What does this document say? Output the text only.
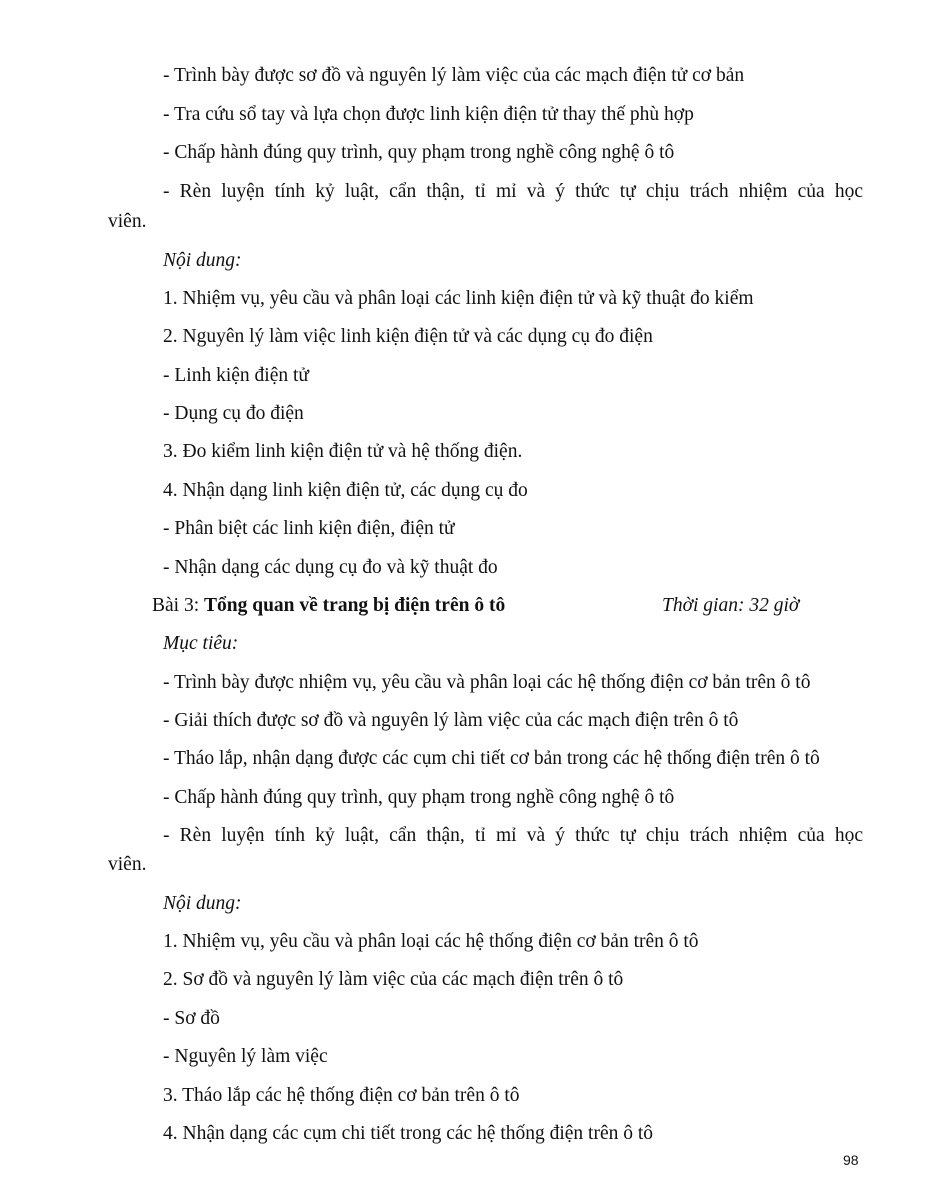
- Trình bày được sơ đồ và nguyên lý làm việc của các mạch điện tử cơ bản
- Tra cứu sổ tay và lựa chọn được linh kiện điện tử thay thế phù hợp
- Chấp hành đúng quy trình, quy phạm trong nghề công nghệ ô tô
- Rèn luyện tính kỷ luật, cẩn thận, tỉ mỉ và ý thức tự chịu trách nhiệm của học
viên.
Nội dung:
1. Nhiệm vụ, yêu cầu và phân loại các linh kiện điện tử và kỹ thuật đo kiểm
2. Nguyên lý làm việc linh kiện điện tử và các dụng cụ đo điện
- Linh kiện điện tử
- Dụng cụ đo điện
3. Đo kiểm linh kiện điện tử và hệ thống điện.
4. Nhận dạng linh kiện điện tử, các dụng cụ đo
- Phân biệt các linh kiện điện, điện tử
- Nhận dạng các dụng cụ đo và kỹ thuật đo
Bài 3: Tổng quan về trang bị điện trên ô tô	Thời gian: 32 giờ
Mục tiêu:
- Trình bày được nhiệm vụ, yêu cầu và phân loại các hệ thống điện cơ bản trên ô tô
- Giải thích được sơ đồ và nguyên lý làm việc của các mạch điện trên ô tô
- Tháo lắp, nhận dạng được các cụm chi tiết cơ bản trong các hệ thống điện trên ô tô
- Chấp hành đúng quy trình, quy phạm trong nghề công nghệ ô tô
- Rèn luyện tính kỷ luật, cẩn thận, tỉ mỉ và ý thức tự chịu trách nhiệm của học
viên.
Nội dung:
1. Nhiệm vụ, yêu cầu và phân loại các hệ thống điện cơ bản trên ô tô
2. Sơ đồ và nguyên lý làm việc của các mạch điện trên ô tô
- Sơ đồ
- Nguyên lý làm việc
3. Tháo lắp các hệ thống điện cơ bản trên ô tô
4. Nhận dạng các cụm chi tiết trong các hệ thống điện trên ô tô
98
